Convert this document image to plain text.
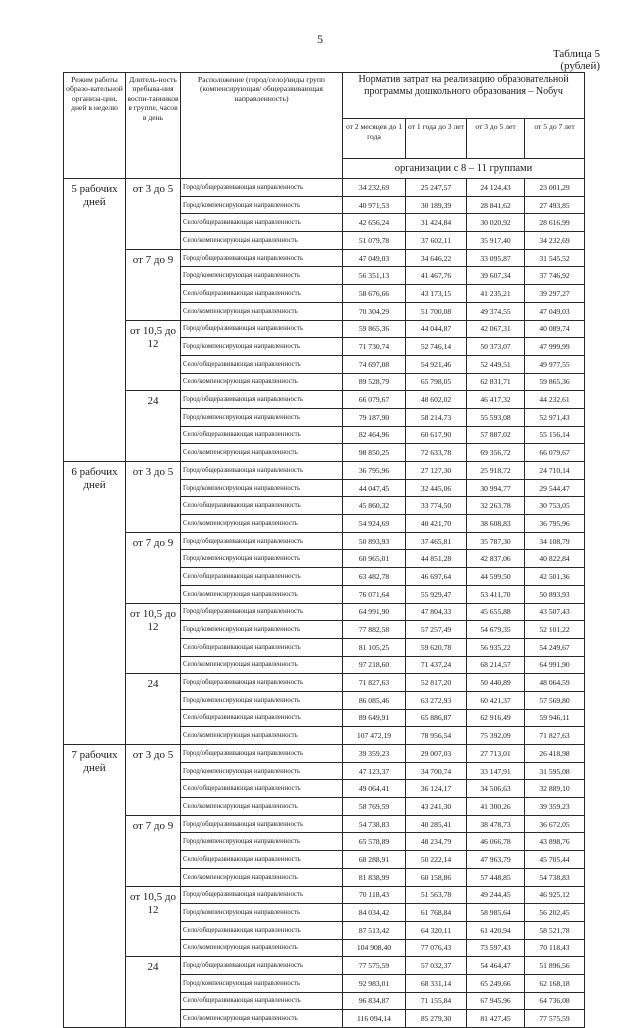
5
Таблица 5
(рублей)
Режим работы образо-вательной организа-ции, дней в неделю	Длитель-ность пребыва-ния воспи-танников в группе, часов в день	Расположение (город/село)/виды групп (компенсирующая/ общеразвивающая направленность)	Норматив затрат на реализацию образовательной программы дошкольного образования – Nобуч			
			от 2 месяцев до 1 года	от 1 года до 3 лет	от 3 до 5 лет	от 5 до 7 лет
			организации с 8 – 11 группами			
5 рабочих дней	от 3 до 5	Город/общеразвивающая направленность	34 232,69	25 247,57	24 124,43	23 001,29
		Город/компенсирующая направленность	40 971,53	30 189,39	28 841,62	27 493,85
		Село/общеразвивающая направленность	42 656,24	31 424,84	30 020,92	28 616,99
		Село/компенсирующая направленность	51 079,78	37 602,11	35 917,40	34 232,69
	от 7 до 9	Город/общеразвивающая направленность	47 049,03	34 646,22	33 095,87	31 545,52
		Город/компенсирующая направленность	56 351,13	41 467,76	39 607,34	37 746,92
		Село/общеразвивающая направленность	58 676,66	43 173,15	41 235,21	39 297,27
		Село/компенсирующая направленность	70 304,29	51 700,08	49 374,55	47 049,03
	от 10,5 до 12	Город/общеразвивающая направленность	59 865,36	44 044,87	42 067,31	40 089,74
		Город/компенсирующая направленность	71 730,74	52 746,14	50 373,07	47 999,99
		Село/общеразвивающая направленность	74 697,08	54 921,46	52 449,51	49 977,55
		Село/компенсирующая направленность	89 528,79	65 798,05	62 831,71	59 865,36
	24	Город/общеразвивающая направленность	66 079,67	48 602,02	46 417,32	44 232,61
		Город/компенсирующая направленность	79 187,90	58 214,73	55 593,08	52 971,43
		Село/общеразвивающая направленность	82 464,96	60 617,90	57 887,02	55 156,14
		Село/компенсирующая направленность	98 850,25	72 633,78	69 356,72	66 079,67
6 рабочих дней	от 3 до 5	Город/общеразвивающая направленность	36 795,96	27 127,30	25 918,72	24 710,14
		Город/компенсирующая направленность	44 047,45	32 445,06	30 994,77	29 544,47
		Село/общеразвивающая направленность	45 860,32	33 774,50	32 263,78	30 753,05
		Село/компенсирующая направленность	54 924,69	40 421,70	38 608,83	36 795,96
	от 7 до 9	Город/общеразвивающая направленность	50 893,93	37 465,81	35 787,30	34 108,79
		Город/компенсирующая направленность	60 965,01	44 851,28	42 837,06	40 822,84
		Село/общеразвивающая направленность	63 482,78	46 697,64	44 599,50	42 501,36
		Село/компенсирующая направленность	76 071,64	55 929,47	53 411,70	50 893,93
	от 10,5 до 12	Город/общеразвивающая направленность	64 991,90	47 804,33	45 655,88	43 507,43
		Город/компенсирующая направленность	77 882,58	57 257,49	54 679,35	52 101,22
		Село/общеразвивающая направленность	81 105,25	59 620,78	56 935,22	54 249,67
		Село/компенсирующая направленность	97 218,60	71 437,24	68 214,57	64 991,90
	24	Город/общеразвивающая направленность	71 827,63	52 817,20	50 440,89	48 064,59
		Город/компенсирующая направленность	86 085,46	63 272,93	60 421,37	57 569,80
		Село/общеразвивающая направленность	89 649,91	65 886,87	62 916,49	59 946,11
		Село/компенсирующая направленность	107 472,19	78 956,54	75 392,09	71 827,63
7 рабочих дней	от 3 до 5	Город/общеразвивающая направленность	39 359,23	29 007,03	27 713,01	26 418,98
		Город/компенсирующая направленность	47 123,37	34 700,74	33 147,91	31 595,08
		Село/общеразвивающая направленность	49 064,41	36 124,17	34 506,63	32 889,10
		Село/компенсирующая направленность	58 769,59	43 241,30	41 300,26	39 359,23
	от 7 до 9	Город/общеразвивающая направленность	54 738,83	40 285,41	38 478,73	36 672,05
		Город/компенсирующая направленность	65 578,89	48 234,79	46 066,78	43 898,76
		Село/общеразвивающая направленность	68 288,91	50 222,14	47 963,79	45 705,44
		Село/компенсирующая направленность	81 838,99	60 158,86	57 448,85	54 738,83
	от 10,5 до 12	Город/общеразвивающая направленность	70 118,43	51 563,78	49 244,45	46 925,12
		Город/компенсирующая направленность	84 034,42	61 768,84	58 985,64	56 202,45
		Село/общеразвивающая направленность	87 513,42	64 320,11	61 420,94	58 521,78
		Село/компенсирующая направленность	104 908,40	77 076,43	73 597,43	70 118,43
	24	Город/общеразвивающая направленность	77 575,59	57 032,37	54 464,47	51 896,56
		Город/компенсирующая направленность	92 983,01	68 331,14	65 249,66	62 168,18
		Село/общеразвивающая направленность	96 834,87	71 155,84	67 945,96	64 736,08
		Село/компенсирующая направленность	116 094,14	85 279,30	81 427,45	77 575,59
